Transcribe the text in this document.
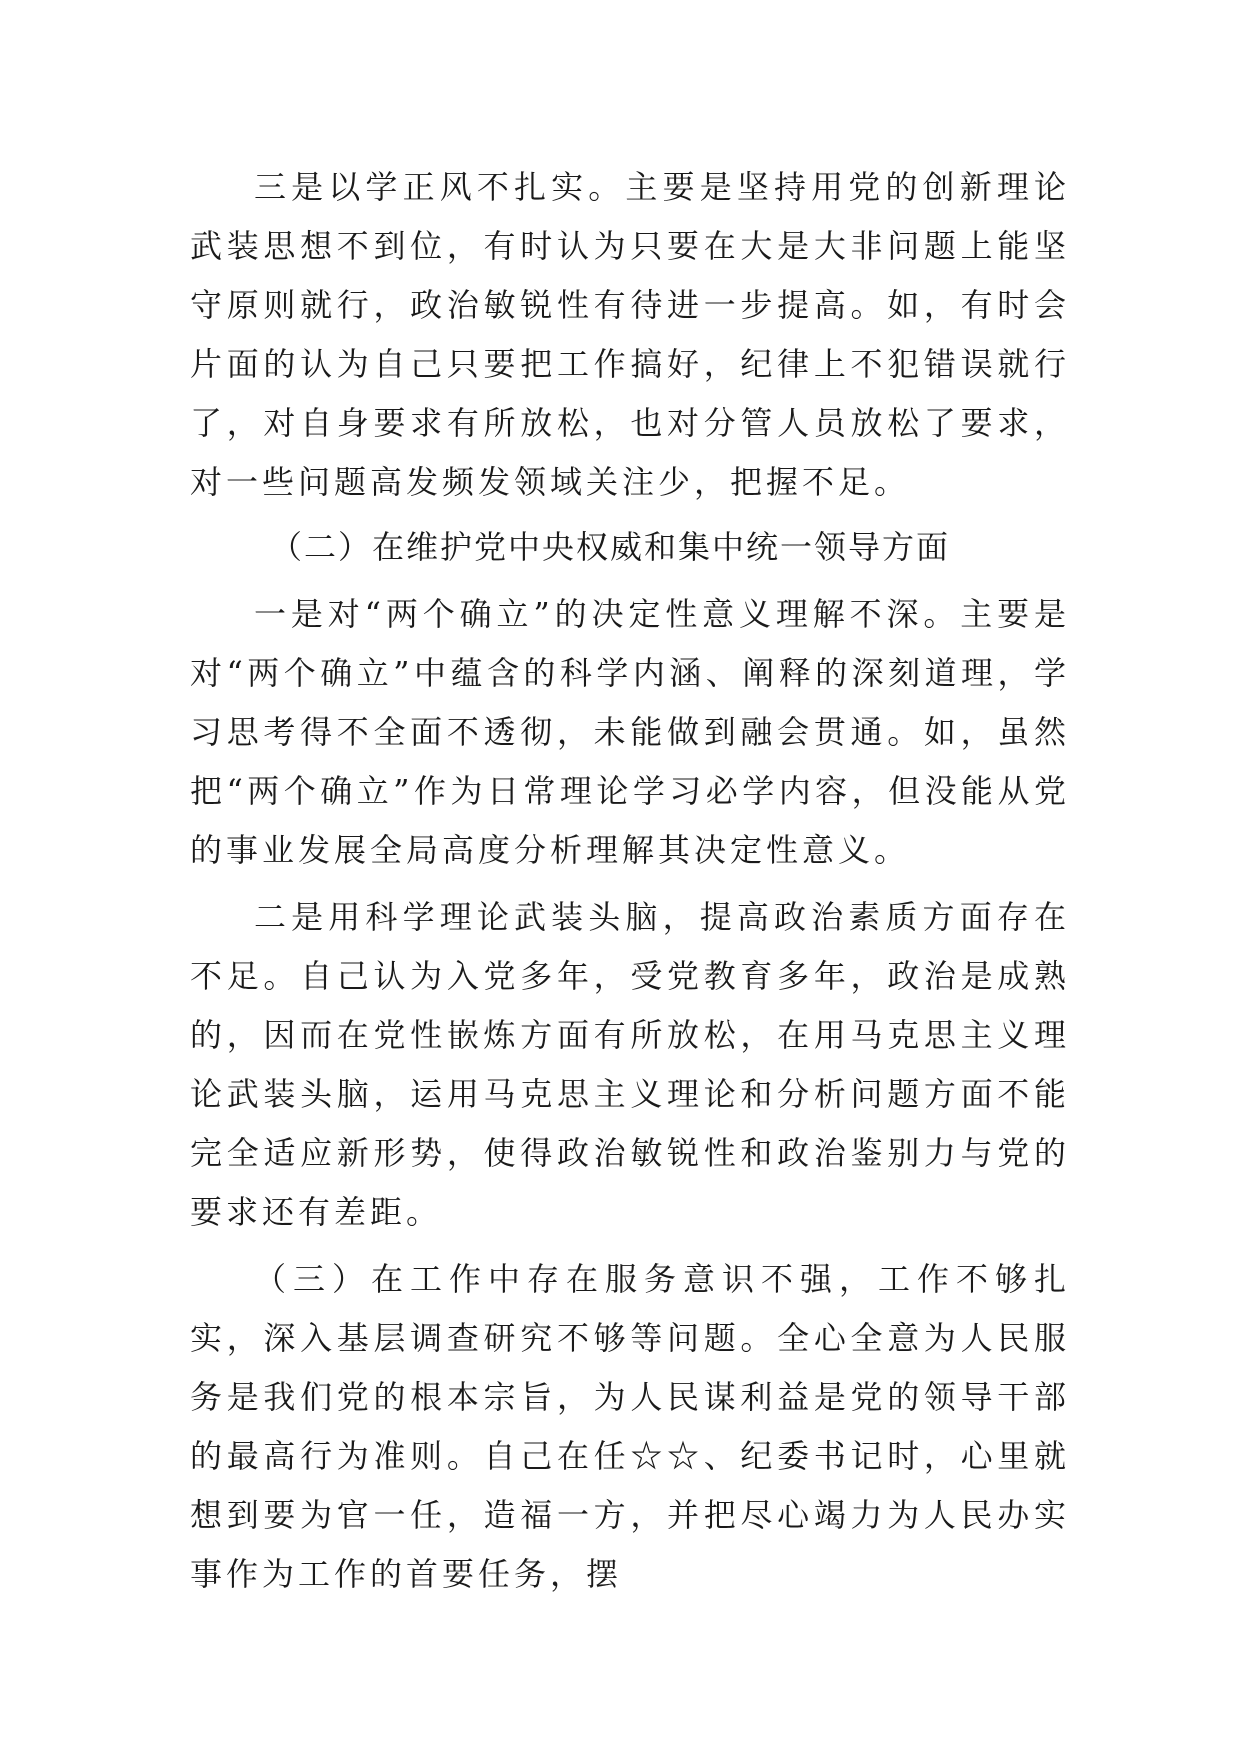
三是以学正风不扎实。主要是坚持用党的创新理论武装思想不到位，有时认为只要在大是大非问题上能坚守原则就行，政治敏锐性有待进一步提高。如，有时会片面的认为自己只要把工作搞好，纪律上不犯错误就行了，对自身要求有所放松，也对分管人员放松了要求，对一些问题高发频发领域关注少，把握不足。

（二）在维护党中央权威和集中统一领导方面

一是对“两个确立”的决定性意义理解不深。主要是对“两个确立”中蕴含的科学内涵、阐释的深刻道理，学习思考得不全面不透彻，未能做到融会贯通。如，虽然把“两个确立”作为日常理论学习必学内容，但没能从党的事业发展全局高度分析理解其决定性意义。

二是用科学理论武装头脑，提高政治素质方面存在不足。自己认为入党多年，受党教育多年，政治是成熟的，因而在党性嵌炼方面有所放松，在用马克思主义理论武装头脑，运用马克思主义理论和分析问题方面不能完全适应新形势，使得政治敏锐性和政治鉴别力与党的要求还有差距。

（三）在工作中存在服务意识不强，工作不够扎实，深入基层调查研究不够等问题。全心全意为人民服务是我们党的根本宗旨，为人民谋利益是党的领导干部的最高行为准则。自己在任☆☆、纪委书记时，心里就想到要为官一任，造福一方，并把尽心竭力为人民办实事作为工作的首要任务，摆
